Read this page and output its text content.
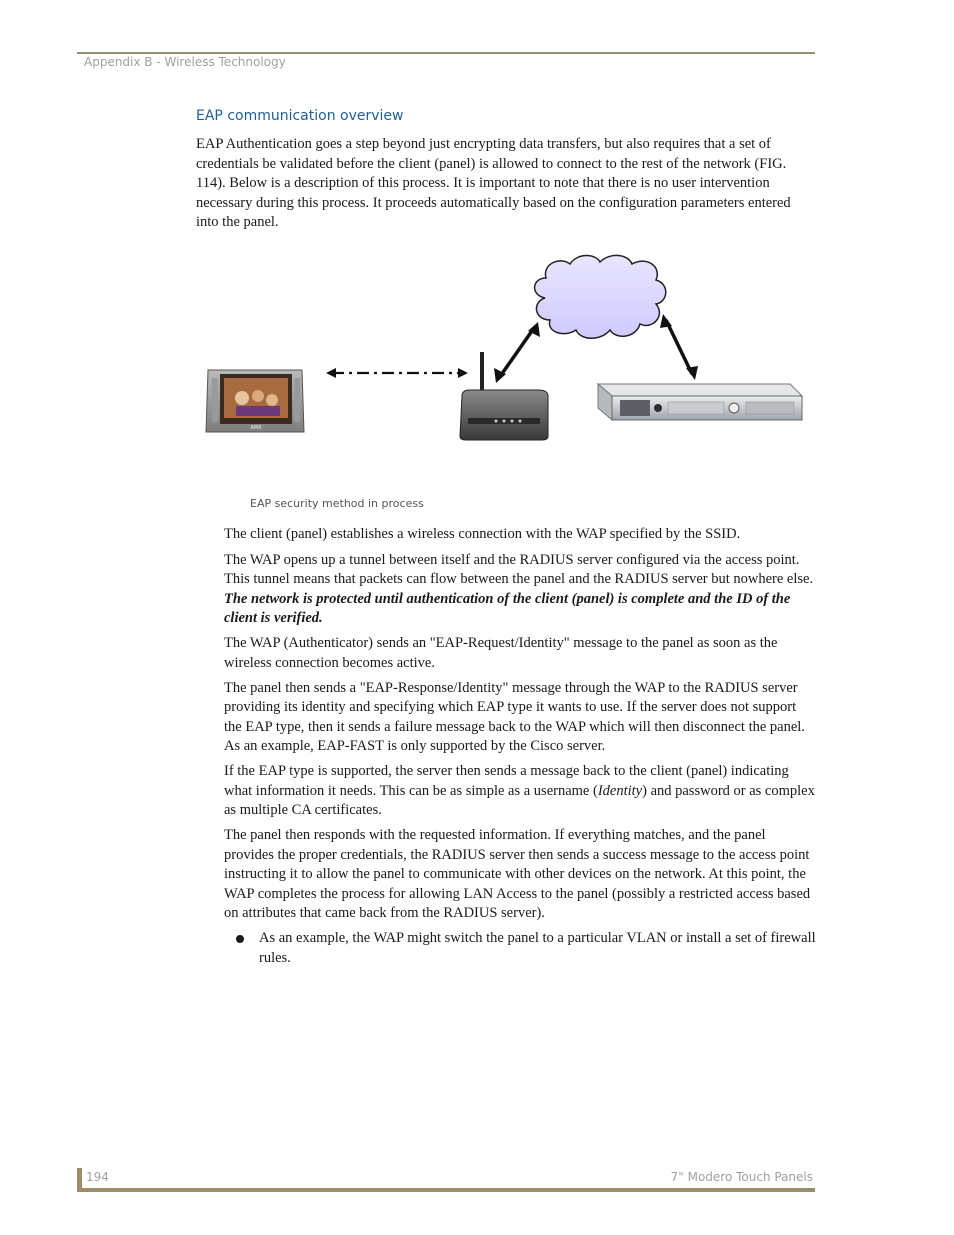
Appendix B - Wireless Technology
EAP communication overview

EAP Authentication goes a step beyond just encrypting data transfers, but also requires that a set of credentials be validated before the client (panel) is allowed to connect to the rest of the network (FIG. 114). Below is a description of this process. It is important to note that there is no user intervention necessary during this process. It proceeds automatically based on the configuration parameters entered into the panel.

AMX
EAP security method in process

The client (panel) establishes a wireless connection with the WAP specified by the SSID.

The WAP opens up a tunnel between itself and the RADIUS server configured via the access point. This tunnel means that packets can flow between the panel and the RADIUS server but nowhere else. The network is protected until authentication of the client (panel) is complete and the ID of the client is verified.

The WAP (Authenticator) sends an "EAP-Request/Identity" message to the panel as soon as the wireless connection becomes active.

The panel then sends a "EAP-Response/Identity" message through the WAP to the RADIUS server providing its identity and specifying which EAP type it wants to use. If the server does not support the EAP type, then it sends a failure message back to the WAP which will then disconnect the panel. As an example, EAP-FAST is only supported by the Cisco server.

If the EAP type is supported, the server then sends a message back to the client (panel) indicating what information it needs. This can be as simple as a username (Identity) and password or as complex as multiple CA certificates.

The panel then responds with the requested information. If everything matches, and the panel provides the proper credentials, the RADIUS server then sends a success message to the access point instructing it to allow the panel to communicate with other devices on the network. At this point, the WAP completes the process for allowing LAN Access to the panel (possibly a restricted access based on attributes that came back from the RADIUS server).

As an example, the WAP might switch the panel to a particular VLAN or install a set of firewall rules.
194	7" Modero Touch Panels
